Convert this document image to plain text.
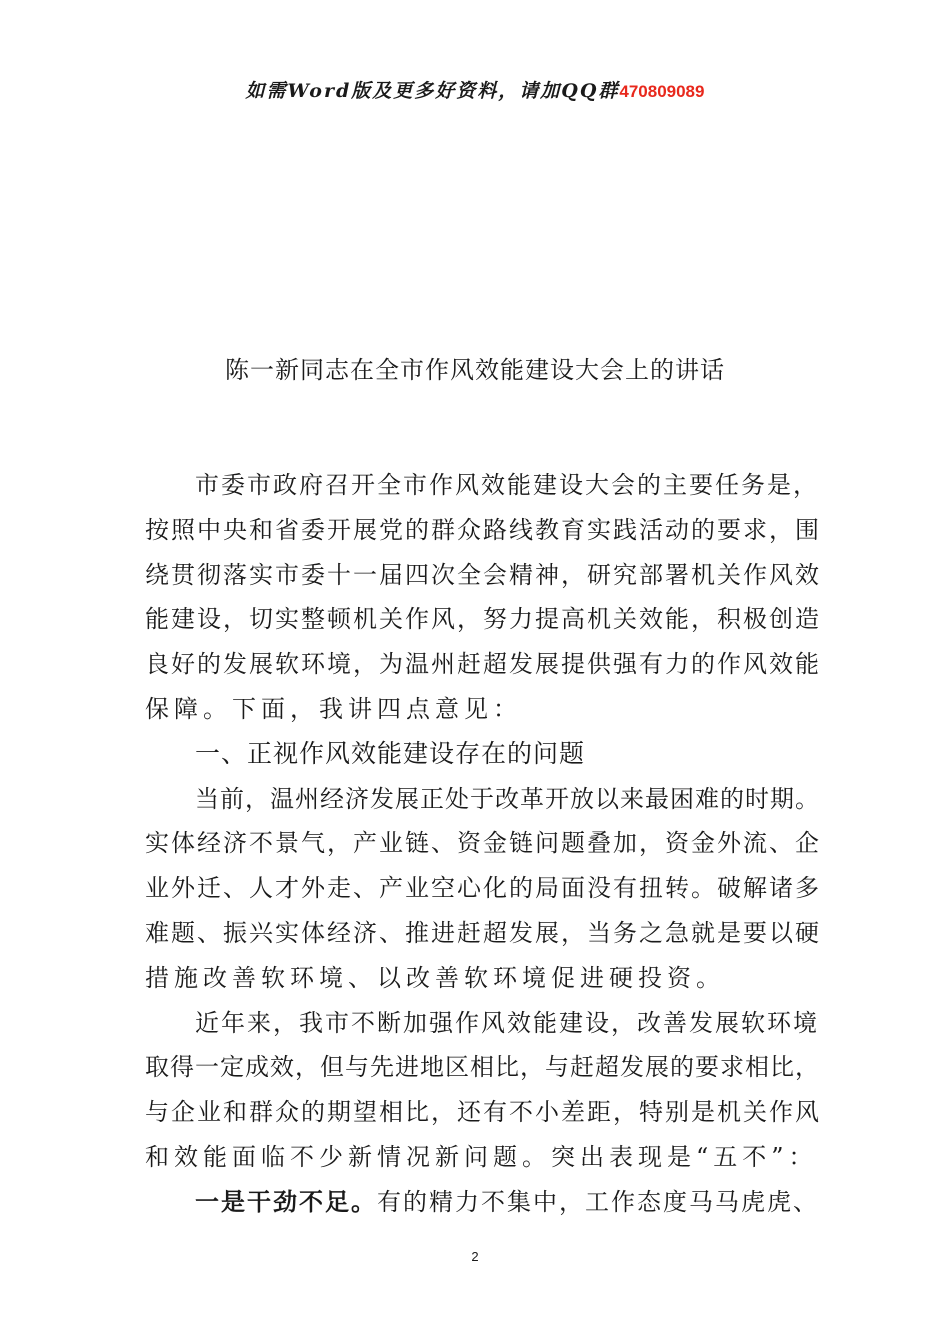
如需Word版及更多好资料，请加QQ群470809089
陈一新同志在全市作风效能建设大会上的讲话

市委市政府召开全市作风效能建设大会的主要任务是，
按照中央和省委开展党的群众路线教育实践活动的要求，围
绕贯彻落实市委十一届四次全会精神，研究部署机关作风效
能建设，切实整顿机关作风，努力提高机关效能，积极创造
良好的发展软环境，为温州赶超发展提供强有力的作风效能
保障。下面，我讲四点意见：

一、正视作风效能建设存在的问题

当前，温州经济发展正处于改革开放以来最困难的时期。
实体经济不景气，产业链、资金链问题叠加，资金外流、企
业外迁、人才外走、产业空心化的局面没有扭转。破解诸多
难题、振兴实体经济、推进赶超发展，当务之急就是要以硬
措施改善软环境、以改善软环境促进硬投资。

近年来，我市不断加强作风效能建设，改善发展软环境
取得一定成效，但与先进地区相比，与赶超发展的要求相比，
与企业和群众的期望相比，还有不小差距，特别是机关作风
和效能面临不少新情况新问题。突出表现是“五不”：

一是干劲不足。有的精力不集中，工作态度马马虎虎、

2
